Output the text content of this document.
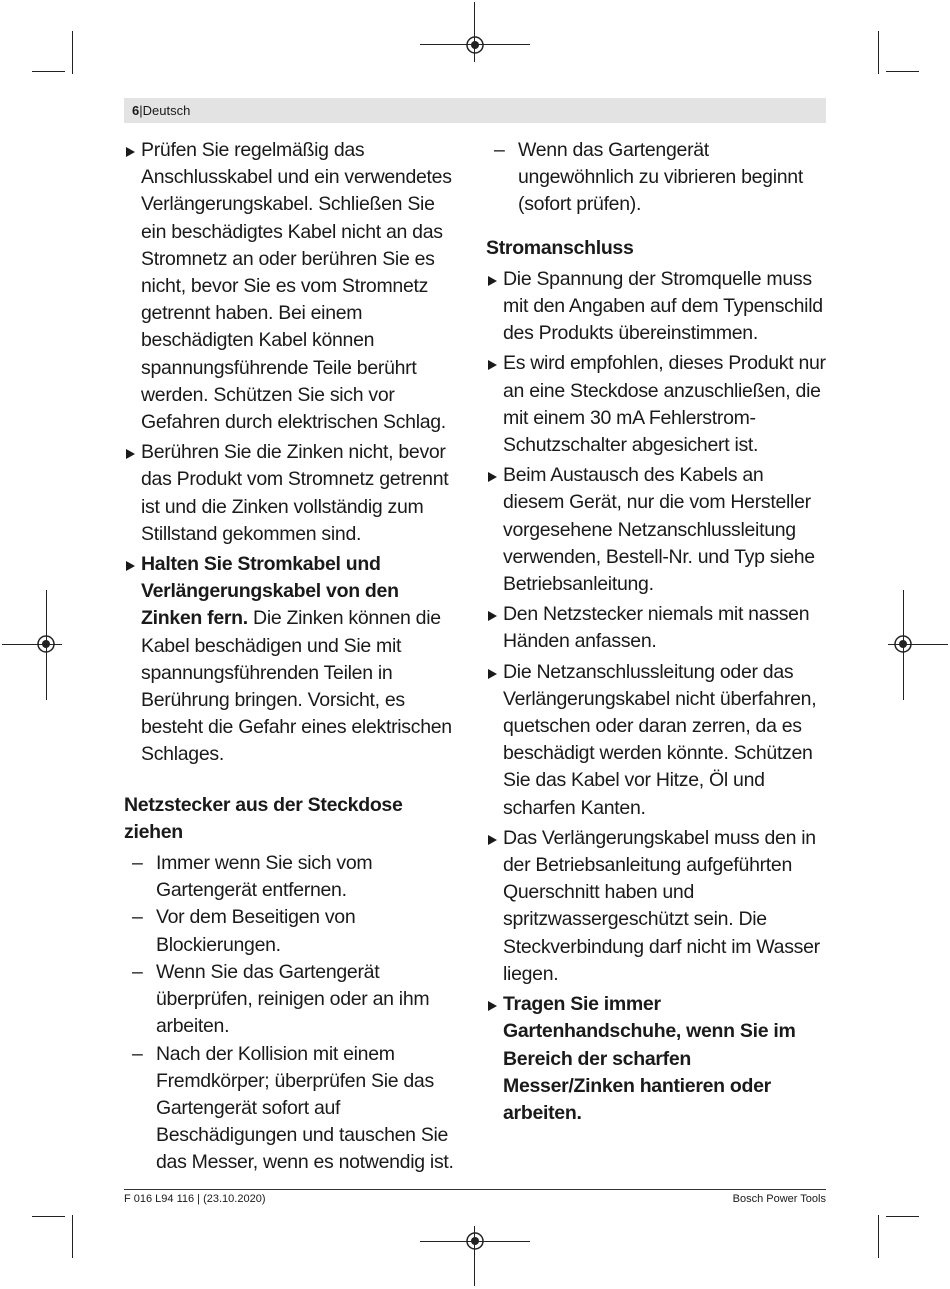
6|Deutsch

Prüfen Sie regelmäßig das Anschlusskabel und ein verwendetes Verlängerungskabel. Schließen Sie ein beschädigtes Kabel nicht an das Stromnetz an oder berühren Sie es nicht, bevor Sie es vom Stromnetz getrennt haben. Bei einem beschädigten Kabel können spannungsführende Teile berührt werden. Schützen Sie sich vor Gefahren durch elektrischen Schlag.

Berühren Sie die Zinken nicht, bevor das Produkt vom Stromnetz getrennt ist und die Zinken vollständig zum Stillstand gekommen sind.

Halten Sie Stromkabel und Verlängerungskabel von den Zinken fern. Die Zinken können die Kabel beschädigen und Sie mit spannungsführenden Teilen in Berührung bringen. Vorsicht, es besteht die Gefahr eines elektrischen Schlages.

Netzstecker aus der Steckdose ziehen

– Immer wenn Sie sich vom Gartengerät entfernen.

– Vor dem Beseitigen von Blockierungen.

– Wenn Sie das Gartengerät überprüfen, reinigen oder an ihm arbeiten.

– Nach der Kollision mit einem Fremdkörper; überprüfen Sie das Gartengerät sofort auf Beschädigungen und tauschen Sie das Messer, wenn es notwendig ist.

– Wenn das Gartengerät ungewöhnlich zu vibrieren beginnt (sofort prüfen).

Stromanschluss

Die Spannung der Stromquelle muss mit den Angaben auf dem Typenschild des Produkts übereinstimmen.

Es wird empfohlen, dieses Produkt nur an eine Steckdose anzuschließen, die mit einem 30 mA Fehlerstrom-Schutzschalter abgesichert ist.

Beim Austausch des Kabels an diesem Gerät, nur die vom Hersteller vorgesehene Netzanschlussleitung verwenden, Bestell-Nr. und Typ siehe Betriebsanleitung.

Den Netzstecker niemals mit nassen Händen anfassen.

Die Netzanschlussleitung oder das Verlängerungskabel nicht überfahren, quetschen oder daran zerren, da es beschädigt werden könnte. Schützen Sie das Kabel vor Hitze, Öl und scharfen Kanten.

Das Verlängerungskabel muss den in der Betriebsanleitung aufgeführten Querschnitt haben und spritzwassergeschützt sein. Die Steckverbindung darf nicht im Wasser liegen.

Tragen Sie immer Gartenhandschuhe, wenn Sie im Bereich der scharfen Messer/Zinken hantieren oder arbeiten.

F 016 L94 116 | (23.10.2020)	Bosch Power Tools
